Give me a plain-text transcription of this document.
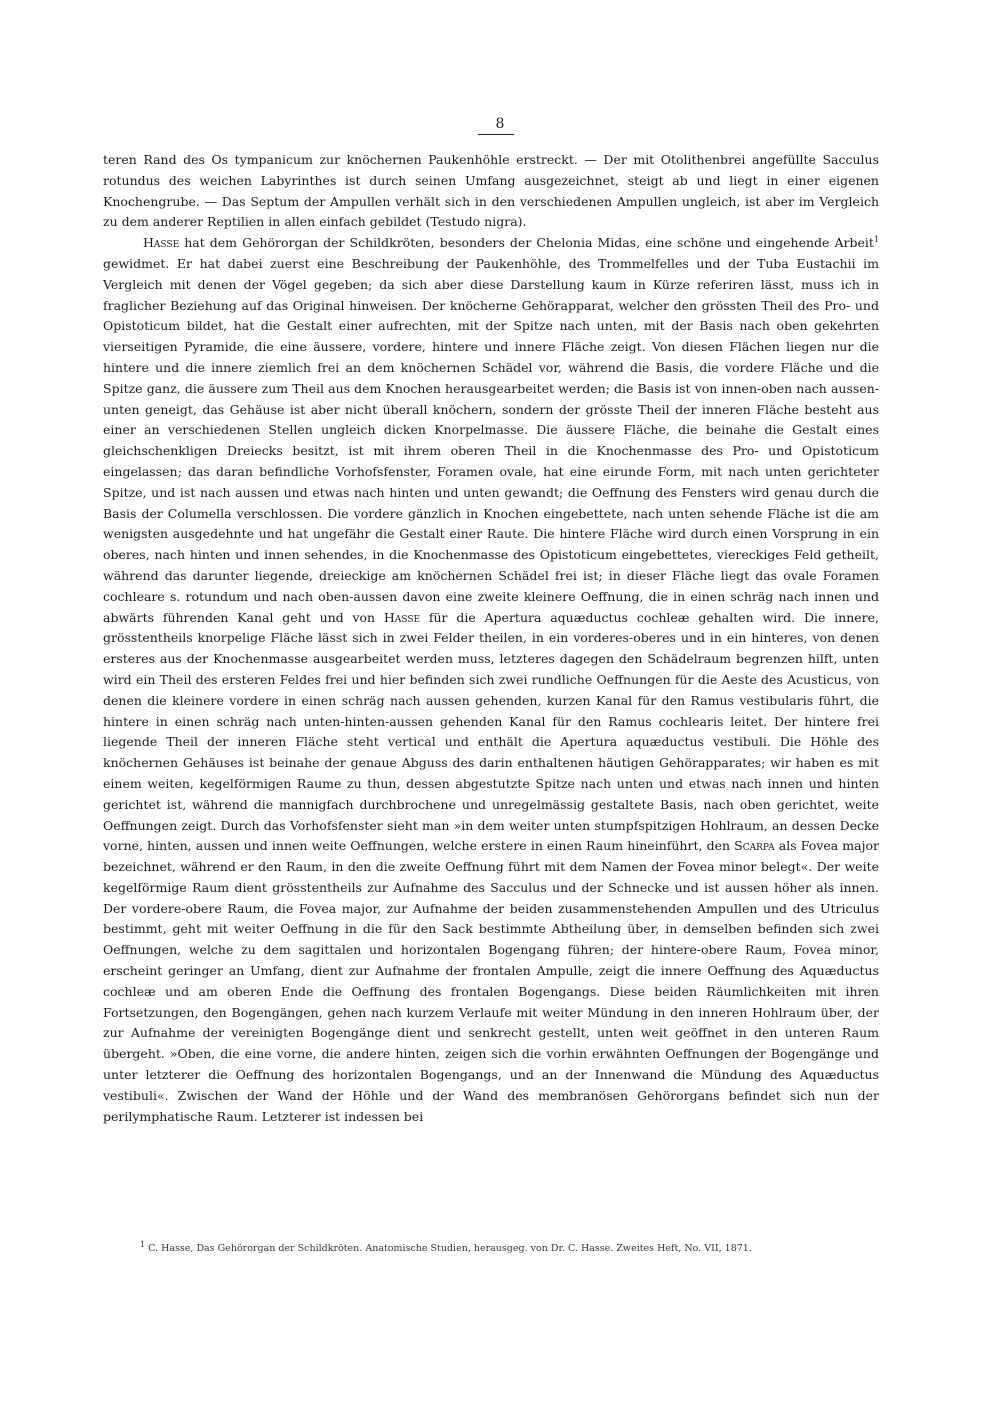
8

teren Rand des Os tympanicum zur knöchernen Paukenhöhle erstreckt. — Der mit Otolithenbrei angefüllte Sacculus rotundus des weichen Labyrinthes ist durch seinen Umfang ausgezeichnet, steigt ab und liegt in einer eigenen Knochengrube. — Das Septum der Ampullen verhält sich in den verschiedenen Ampullen ungleich, ist aber im Vergleich zu dem anderer Reptilien in allen einfach gebildet (Testudo nigra).

Hasse hat dem Gehörorgan der Schildkröten, besonders der Chelonia Midas, eine schöne und eingehende Arbeit$^1$ gewidmet. Er hat dabei zuerst eine Beschreibung der Paukenhöhle, des Trommelfelles und der Tuba Eustachii im Vergleich mit denen der Vögel gegeben; da sich aber diese Darstellung kaum in Kürze referiren lässt, muss ich in fraglicher Beziehung auf das Original hinweisen. Der knöcherne Gehörapparat, welcher den grössten Theil des Pro- und Opistoticum bildet, hat die Gestalt einer aufrechten, mit der Spitze nach unten, mit der Basis nach oben gekehrten vierseitigen Pyramide, die eine äussere, vordere, hintere und innere Fläche zeigt. Von diesen Flächen liegen nur die hintere und die innere ziemlich frei an dem knöchernen Schädel vor, während die Basis, die vordere Fläche und die Spitze ganz, die äussere zum Theil aus dem Knochen herausgearbeitet werden; die Basis ist von innen-oben nach aussen-unten geneigt, das Gehäuse ist aber nicht überall knöchern, sondern der grösste Theil der inneren Fläche besteht aus einer an verschiedenen Stellen ungleich dicken Knorpelmasse. Die äussere Fläche, die beinahe die Gestalt eines gleichschenkligen Dreiecks besitzt, ist mit ihrem oberen Theil in die Knochenmasse des Pro- und Opistoticum eingelassen; das daran befindliche Vorhofsfenster, Foramen ovale, hat eine eirunde Form, mit nach unten gerichteter Spitze, und ist nach aussen und etwas nach hinten und unten gewandt; die Oeffnung des Fensters wird genau durch die Basis der Columella verschlossen. Die vordere gänzlich in Knochen eingebettete, nach unten sehende Fläche ist die am wenigsten ausgedehnte und hat ungefähr die Gestalt einer Raute. Die hintere Fläche wird durch einen Vorsprung in ein oberes, nach hinten und innen sehendes, in die Knochenmasse des Opistoticum eingebettetes, viereckiges Feld getheilt, während das darunter liegende, dreieckige am knöchernen Schädel frei ist; in dieser Fläche liegt das ovale Foramen cochleare s. rotundum und nach oben-aussen davon eine zweite kleinere Oeffnung, die in einen schräg nach innen und abwärts führenden Kanal geht und von Hasse für die Apertura aquæductus cochleæ gehalten wird. Die innere, grösstentheils knorpelige Fläche lässt sich in zwei Felder theilen, in ein vorderes-oberes und in ein hinteres, von denen ersteres aus der Knochenmasse ausgearbeitet werden muss, letzteres dagegen den Schädelraum begrenzen hilft, unten wird ein Theil des ersteren Feldes frei und hier befinden sich zwei rundliche Oeffnungen für die Aeste des Acusticus, von denen die kleinere vordere in einen schräg nach aussen gehenden, kurzen Kanal für den Ramus vestibularis führt, die hintere in einen schräg nach unten-hinten-aussen gehenden Kanal für den Ramus cochlearis leitet. Der hintere frei liegende Theil der inneren Fläche steht vertical und enthält die Apertura aquæductus vestibuli. Die Höhle des knöchernen Gehäuses ist beinahe der genaue Abguss des darin enthaltenen häutigen Gehörapparates; wir haben es mit einem weiten, kegelförmigen Raume zu thun, dessen abgestutzte Spitze nach unten und etwas nach innen und hinten gerichtet ist, während die mannigfach durchbrochene und unregelmässig gestaltete Basis, nach oben gerichtet, weite Oeffnungen zeigt. Durch das Vorhofsfenster sieht man »in dem weiter unten stumpfspitzigen Hohlraum, an dessen Decke vorne, hinten, aussen und innen weite Oeffnungen, welche erstere in einen Raum hineinführt, den Scarpa als Fovea major bezeichnet, während er den Raum, in den die zweite Oeffnung führt mit dem Namen der Fovea minor belegt«. Der weite kegelförmige Raum dient grösstentheils zur Aufnahme des Sacculus und der Schnecke und ist aussen höher als innen. Der vordere-obere Raum, die Fovea major, zur Aufnahme der beiden zusammenstehenden Ampullen und des Utriculus bestimmt, geht mit weiter Oeffnung in die für den Sack bestimmte Abtheilung über, in demselben befinden sich zwei Oeffnungen, welche zu dem sagittalen und horizontalen Bogengang führen; der hintere-obere Raum, Fovea minor, erscheint geringer an Umfang, dient zur Aufnahme der frontalen Ampulle, zeigt die innere Oeffnung des Aquæductus cochleæ und am oberen Ende die Oeffnung des frontalen Bogengangs. Diese beiden Räumlichkeiten mit ihren Fortsetzungen, den Bogengängen, gehen nach kurzem Verlaufe mit weiter Mündung in den inneren Hohlraum über, der zur Aufnahme der vereinigten Bogengänge dient und senkrecht gestellt, unten weit geöffnet in den unteren Raum übergeht. »Oben, die eine vorne, die andere hinten, zeigen sich die vorhin erwähnten Oeffnungen der Bogengänge und unter letzterer die Oeffnung des horizontalen Bogengangs, und an der Innenwand die Mündung des Aquæductus vestibuli«. Zwischen der Wand der Höhle und der Wand des membranösen Gehörorgans befindet sich nun der perilymphatische Raum. Letzterer ist indessen bei

$^1$ C. Hasse, Das Gehörorgan der Schildkröten. Anatomische Studien, herausgeg. von Dr. C. Hasse. Zweites Heft, No. VII, 1871.
